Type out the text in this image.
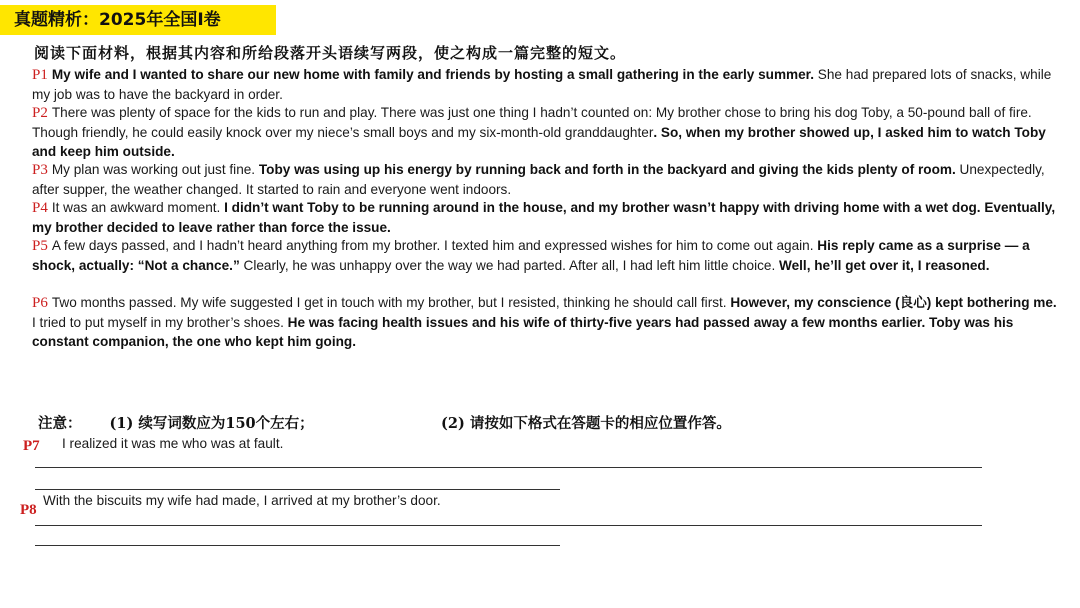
真题精析：2025年全国I卷
阅读下面材料，根据其内容和所给段落开头语续写两段，使之构成一篇完整的短文。
P1 My wife and I wanted to share our new home with family and friends by hosting a small gathering in the early summer. She had prepared lots of snacks, while my job was to have the backyard in order.
P2 There was plenty of space for the kids to run and play. There was just one thing I hadn’t counted on: My brother chose to bring his dog Toby, a 50-pound ball of fire. Though friendly, he could easily knock over my niece’s small boys and my six-month-old granddaughter. So, when my brother showed up, I asked him to watch Toby and keep him outside.
P3 My plan was working out just fine. Toby was using up his energy by running back and forth in the backyard and giving the kids plenty of room. Unexpectedly, after supper, the weather changed. It started to rain and everyone went indoors.
P4 It was an awkward moment. I didn’t want Toby to be running around in the house, and my brother wasn’t happy with driving home with a wet dog. Eventually, my brother decided to leave rather than force the issue.
P5 A few days passed, and I hadn’t heard anything from my brother. I texted him and expressed wishes for him to come out again. His reply came as a surprise — a shock, actually: “Not a chance.” Clearly, he was unhappy over the way we had parted. After all, I had left him little choice. Well, he’ll get over it, I reasoned.
P6 Two months passed. My wife suggested I get in touch with my brother, but I resisted, thinking he should call first. However, my conscience (良心) kept bothering me. I tried to put myself in my brother’s shoes. He was facing health issues and his wife of thirty-five years had passed away a few months earlier. Toby was his constant companion, the one who kept him going.
注意： (1) 续写词数应为150个左右；	(2) 请按如下格式在答题卡的相应位置作答。
P7 I realized it was me who was at fault.
With the biscuits my wife had made, I arrived at my brother’s door.
P8
